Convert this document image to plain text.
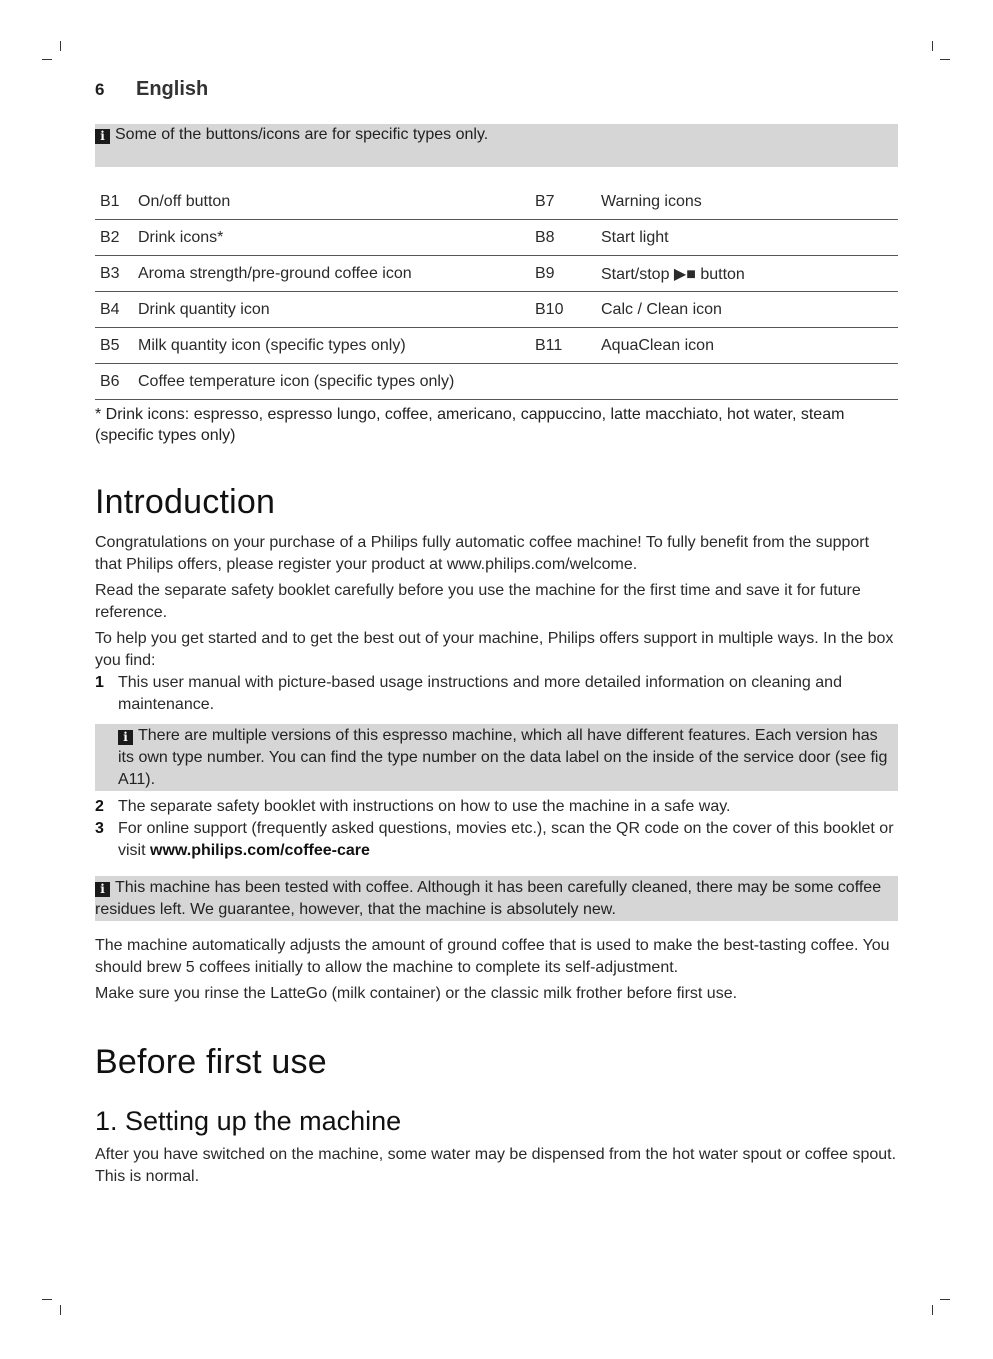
6 English
i Some of the buttons/icons are for specific types only.
B1	On/off button	B7	Warning icons
B2	Drink icons*	B8	Start light
B3	Aroma strength/pre-ground coffee icon	B9	Start/stop ▶■ button
B4	Drink quantity icon	B10	Calc / Clean icon
B5	Milk quantity icon (specific types only)	B11	AquaClean icon
B6	Coffee temperature icon (specific types only)		

* Drink icons: espresso, espresso lungo, coffee, americano, cappuccino, latte macchiato, hot water, steam (specific types only)

Introduction

Congratulations on your purchase of a Philips fully automatic coffee machine! To fully benefit from the support that Philips offers, please register your product at www.philips.com/welcome.

Read the separate safety booklet carefully before you use the machine for the first time and save it for future reference.

To help you get started and to get the best out of your machine, Philips offers support in multiple ways. In the box you find:

1 This user manual with picture-based usage instructions and more detailed information on cleaning and maintenance.
i There are multiple versions of this espresso machine, which all have different features. Each version has its own type number. You can find the type number on the data label on the inside of the service door (see fig A11).
2 The separate safety booklet with instructions on how to use the machine in a safe way.
3 For online support (frequently asked questions, movies etc.), scan the QR code on the cover of this booklet or visit www.philips.com/coffee-care
i This machine has been tested with coffee. Although it has been carefully cleaned, there may be some coffee residues left. We guarantee, however, that the machine is absolutely new.

The machine automatically adjusts the amount of ground coffee that is used to make the best-tasting coffee. You should brew 5 coffees initially to allow the machine to complete its self-adjustment.

Make sure you rinse the LatteGo (milk container) or the classic milk frother before first use.

Before first use
1. Setting up the machine

After you have switched on the machine, some water may be dispensed from the hot water spout or coffee spout. This is normal.
